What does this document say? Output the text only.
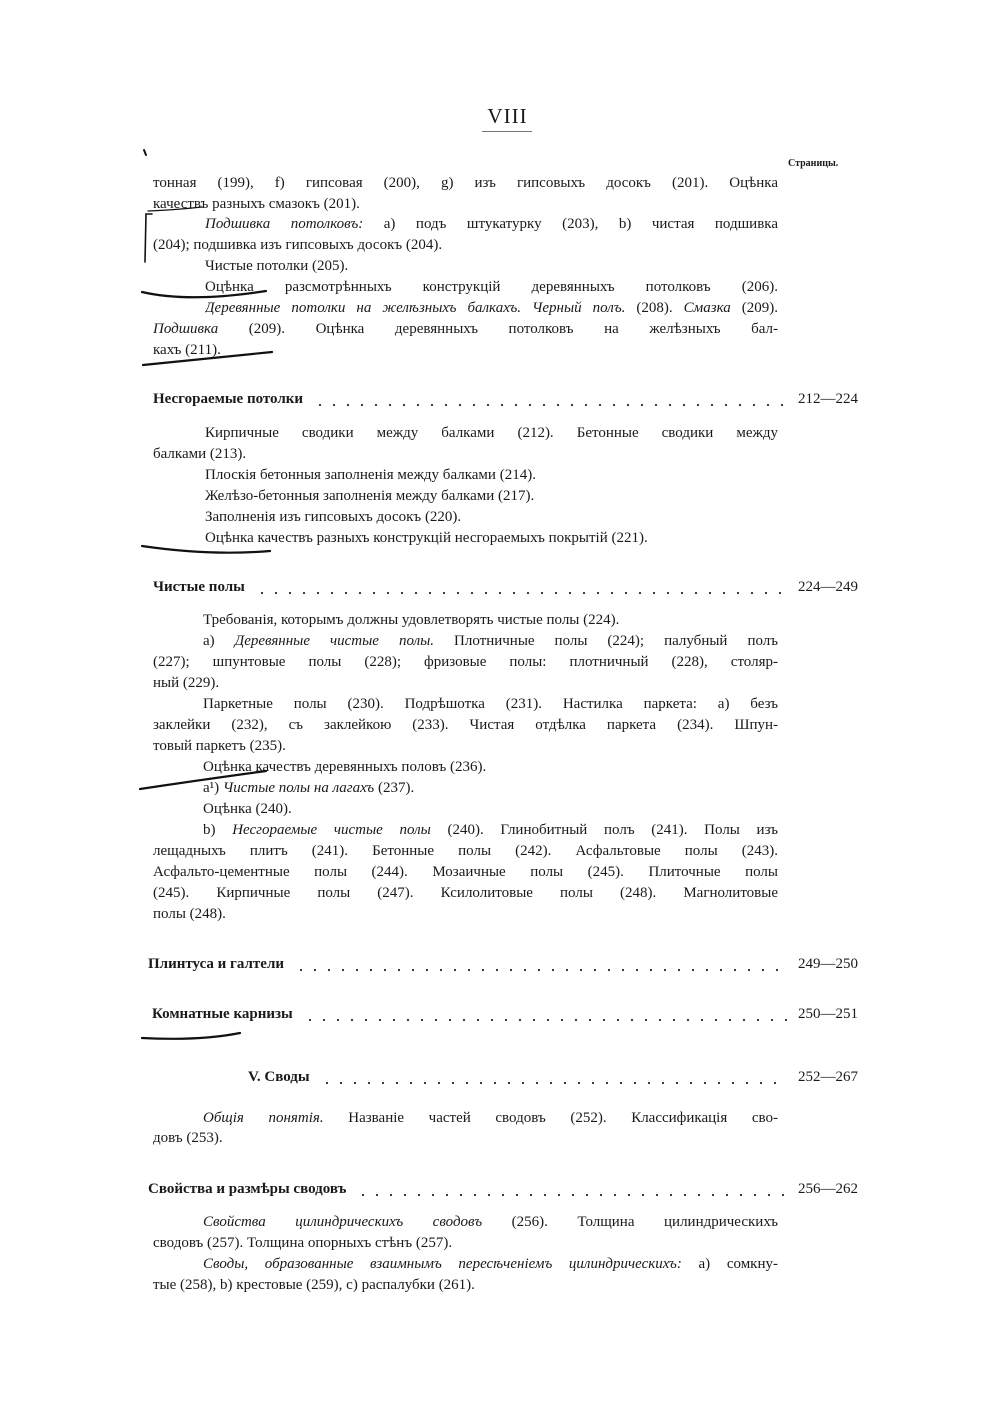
VIII
Страницы.
тонная (199), f) гипсовая (200), g) изъ гипсовыхъ досокъ (201). Оцѣнка
качествъ разныхъ смазокъ (201).
Подшивка потолковъ: а) подъ штукатурку (203), b) чистая подшивка
(204); подшивка изъ гипсовыхъ досокъ (204).
Чистые потолки (205).
Оцѣнка разсмотрѣнныхъ конструкцій деревянныхъ потолковъ (206).
Деревянные потолки на желѣзныхъ балкахъ. Черный полъ. (208). Смазка (209).
Подшивка (209). Оцѣнка деревянныхъ потолковъ на желѣзныхъ бал-
кахъ (211).
Несгораемые потолки	212—224
Кирпичные сводики между балками (212). Бетонные сводики между
балками (213).
Плоскія бетонныя заполненія между балками (214).
Желѣзо-бетонныя заполненія между балками (217).
Заполненія изъ гипсовыхъ досокъ (220).
Оцѣнка качествъ разныхъ конструкцій несгораемыхъ покрытій (221).
Чистые полы	224—249
Требованія, которымъ должны удовлетворять чистые полы (224).
а) Деревянные чистые полы. Плотничные полы (224); палубный полъ
(227); шпунтовые полы (228); фризовые полы: плотничный (228), столяр-
ный (229).
Паркетные полы (230). Подрѣшотка (231). Настилка паркета: а) безъ
заклейки (232), съ заклейкою (233). Чистая отдѣлка паркета (234). Шпун-
товый паркетъ (235).
Оцѣнка качествъ деревянныхъ половъ (236).
а¹) Чистые полы на лагахъ (237).
Оцѣнка (240).
b) Несгораемые чистые полы (240). Глинобитный полъ (241). Полы изъ
лещадныхъ плитъ (241). Бетонные полы (242). Асфальтовые полы (243).
Асфальто-цементные полы (244). Мозаичные полы (245). Плиточные полы
(245). Кирпичные полы (247). Ксилолитовые полы (248). Магнолитовые
полы (248).
Плинтуса и галтели	249—250
Комнатные карнизы	250—251
V. Своды	252—267
Общія понятія. Названіе частей сводовъ (252). Классификація сво-
довъ (253).
Свойства и размѣры сводовъ	256—262
Свойства цилиндрическихъ сводовъ (256). Толщина цилиндрическихъ
сводовъ (257). Толщина опорныхъ стѣнъ (257).
Своды, образованные взаимнымъ пересѣченіемъ цилиндрическихъ: а) сомкну-
тые (258), b) крестовые (259), с) распалубки (261).
